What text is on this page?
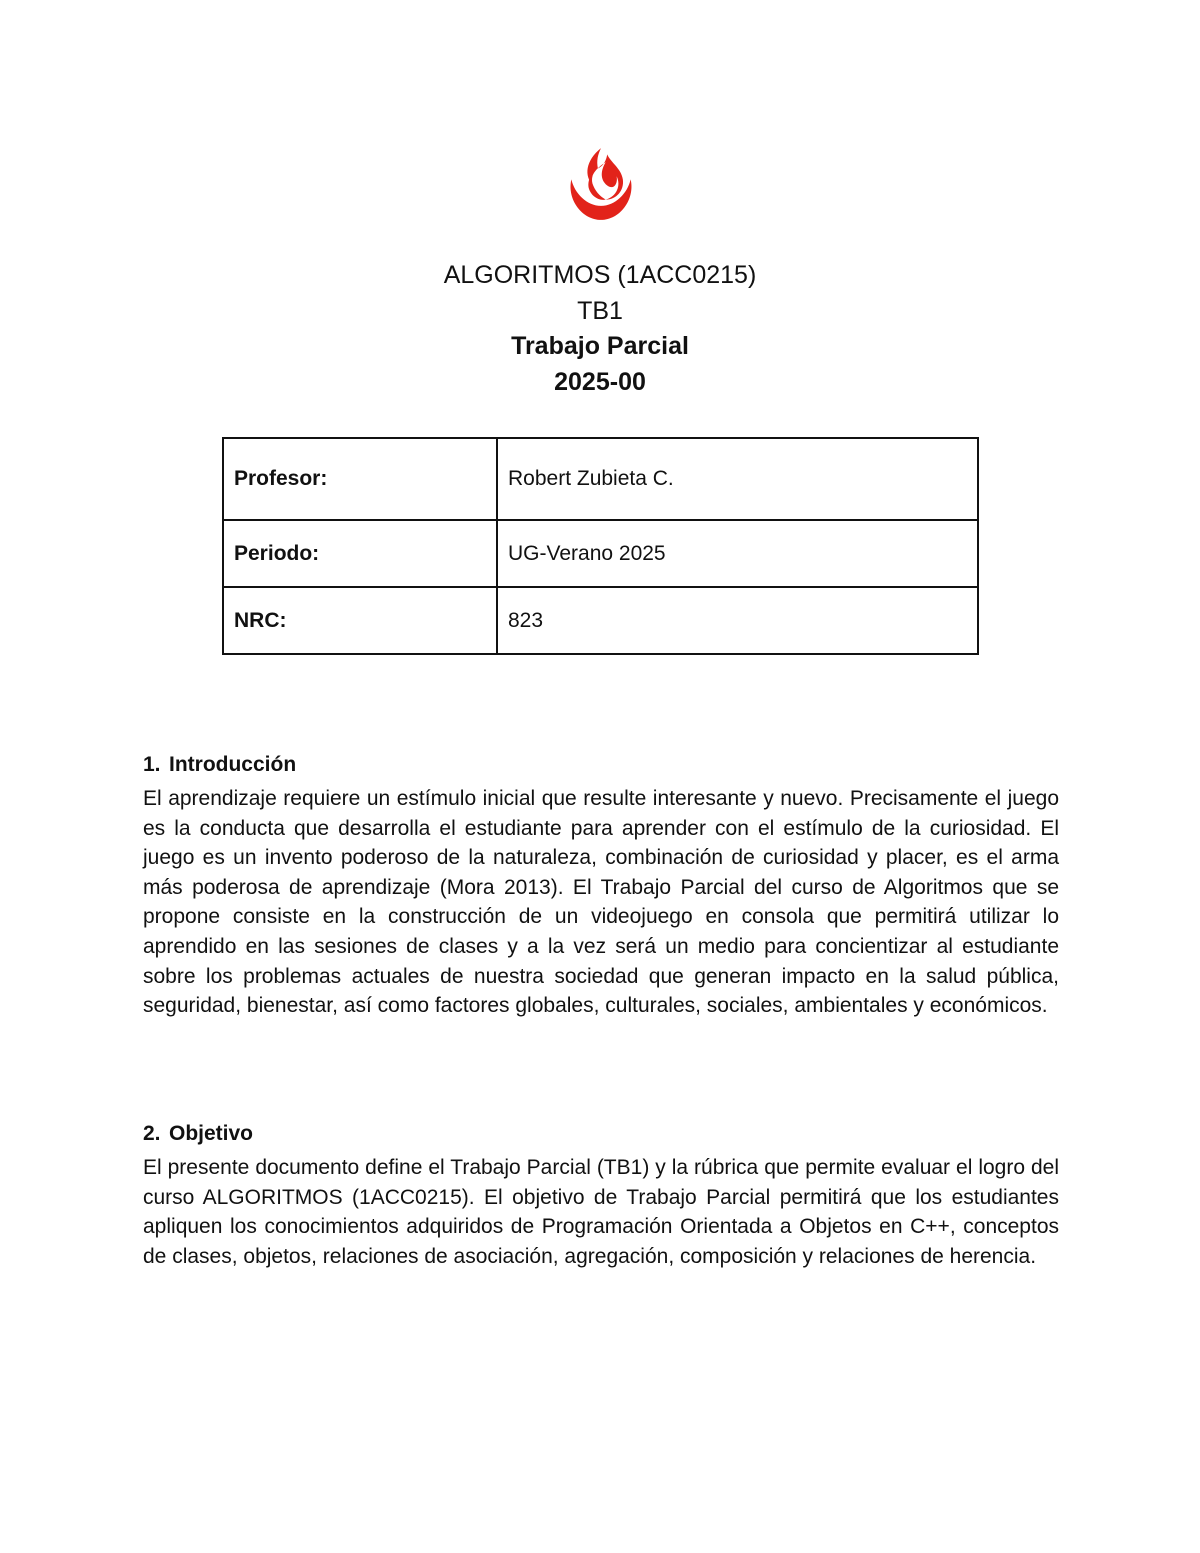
ALGORITMOS (1ACC0215)
TB1
Trabajo Parcial
2025-00
Profesor:	Robert Zubieta C.
Periodo:	UG-Verano 2025
NRC:	823
1. Introducción

El aprendizaje requiere un estímulo inicial que resulte interesante y nuevo. Precisamente el juego es la conducta que desarrolla el estudiante para aprender con el estímulo de la curiosidad. El juego es un invento poderoso de la naturaleza, combinación de curiosidad y placer, es el arma más poderosa de aprendizaje (Mora 2013). El Trabajo Parcial del curso de Algoritmos que se propone consiste en la construcción de un videojuego en consola que permitirá utilizar lo aprendido en las sesiones de clases y a la vez será un medio para concientizar al estudiante sobre los problemas actuales de nuestra sociedad que generan impacto en la salud pública, seguridad, bienestar, así como factores globales, culturales, sociales, ambientales y económicos.

2. Objetivo

El presente documento define el Trabajo Parcial (TB1) y la rúbrica que permite evaluar el logro del curso ALGORITMOS (1ACC0215). El objetivo de Trabajo Parcial permitirá que los estudiantes apliquen los conocimientos adquiridos de Programación Orientada a Objetos en C++, conceptos de clases, objetos, relaciones de asociación, agregación, composición y relaciones de herencia.
